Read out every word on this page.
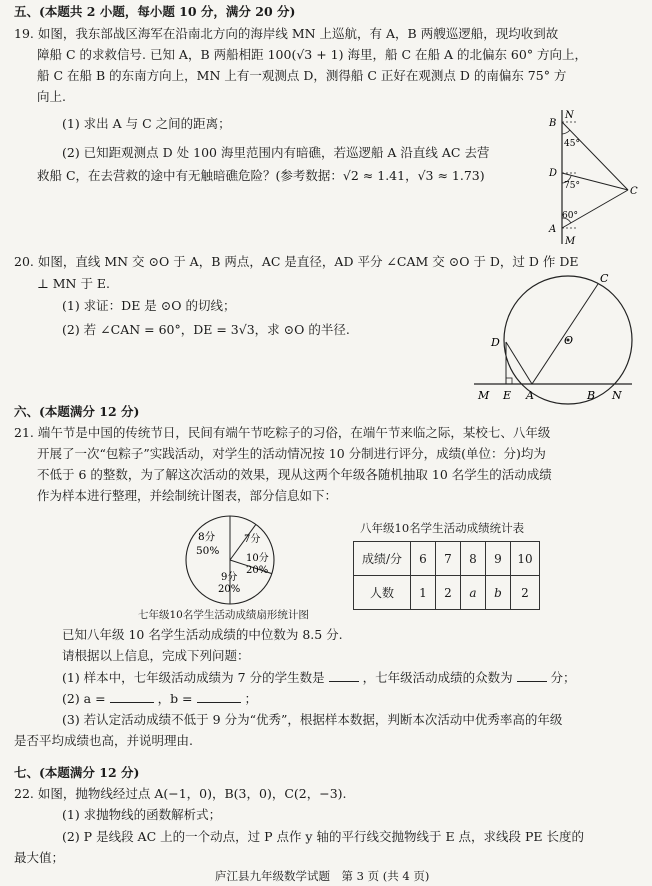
五、(本题共 2 小题，每小题 10 分，满分 20 分)
19. 如图，我东部战区海军在沿南北方向的海岸线 MN 上巡航，有 A，B 两艘巡逻船，现均收到故
障船 C 的求救信号. 已知 A，B 两船相距 100(√3 + 1) 海里，船 C 在船 A 的北偏东 60° 方向上，
船 C 在船 B 的东南方向上，MN 上有一观测点 D，测得船 C 正好在观测点 D 的南偏东 75° 方
向上.
(1) 求出 A 与 C 之间的距离；
(2) 已知距观测点 D 处 100 海里范围内有暗礁，若巡逻船 A 沿直线 AC 去营
救船 C，在去营救的途中有无触暗礁危险？(参考数据：√2 ≈ 1.41，√3 ≈ 1.73)
N
B
45°
D
75°	C
60°
A
M
20. 如图，直线 MN 交 ⊙O 于 A，B 两点，AC 是直径，AD 平分 ∠CAM 交 ⊙O 于 D，过 D 作 DE
⊥ MN 于 E.
(1) 求证：DE 是 ⊙O 的切线；
(2) 若 ∠CAN = 60°，DE = 3√3，求 ⊙O 的半径.
C
O
D
M E A	B N
六、(本题满分 12 分)
21. 端午节是中国的传统节日，民间有端午节吃粽子的习俗，在端午节来临之际，某校七、八年级
开展了一次“包粽子”实践活动，对学生的活动情况按 10 分制进行评分，成绩(单位：分)均为
不低于 6 的整数，为了解这次活动的效果，现从这两个年级各随机抽取 10 名学生的活动成绩
作为样本进行整理，并绘制统计图表，部分信息如下：
8分
50%
7分
10分
20%
9分
20%
七年级10名学生活动成绩扇形统计图
八年级10名学生活动成绩统计表
成绩/分	6	7	8	9	10
人数	1	2	a	b	2
已知八年级 10 名学生活动成绩的中位数为 8.5 分.
请根据以上信息，完成下列问题：
(1) 样本中，七年级活动成绩为 7 分的学生数是	，七年级活动成绩的众数为	分；
(2) a =	，b =	；
(3) 若认定活动成绩不低于 9 分为“优秀”，根据样本数据，判断本次活动中优秀率高的年级
是否平均成绩也高，并说明理由.
七、(本题满分 12 分)
22. 如图，抛物线经过点 A(−1，0)，B(3，0)，C(2，−3).
(1) 求抛物线的函数解析式；
(2) P 是线段 AC 上的一个动点，过 P 点作 y 轴的平行线交抛物线于 E 点，求线段 PE 长度的
最大值；
庐江县九年级数学试题　第 3 页 (共 4 页)
